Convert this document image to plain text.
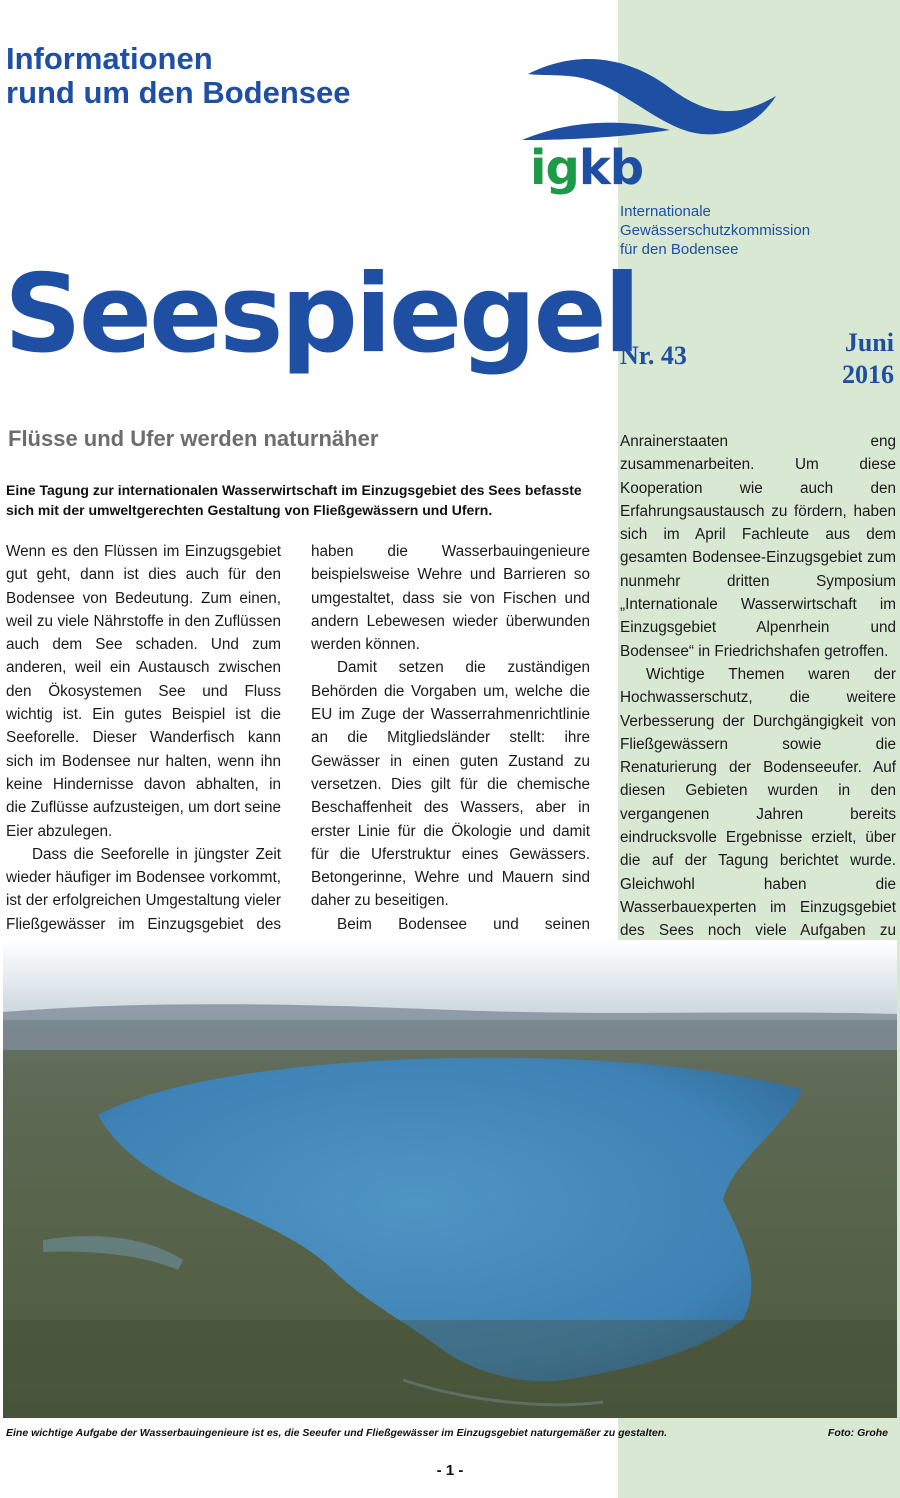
Informationen
rund um den Bodensee
igkb
Internationale
Gewässerschutzkommission
für den Bodensee
Seespiegel
Nr. 43	Juni
2016
Flüsse und Ufer werden naturnäher
Eine Tagung zur internationalen Wasserwirtschaft im Einzugsgebiet des Sees befasste sich mit der umweltgerechten Gestaltung von Fließgewässern und Ufern.

Wenn es den Flüssen im Einzugsgebiet gut geht, dann ist dies auch für den Bodensee von Bedeutung. Zum einen, weil zu viele Nährstoffe in den Zuflüssen auch dem See schaden. Und zum anderen, weil ein Austausch zwischen den Ökosystemen See und Fluss wichtig ist. Ein gutes Beispiel ist die Seeforelle. Dieser Wanderfisch kann sich im Bodensee nur halten, wenn ihn keine Hindernisse davon abhalten, in die Zuflüsse aufzusteigen, um dort seine Eier abzulegen.

Dass die Seeforelle in jüngster Zeit wieder häufiger im Bodensee vorkommt, ist der erfolgreichen Umgestaltung vieler Fließgewässer im Einzugsgebiet des

haben die Wasserbauingenieure beispielsweise Wehre und Barrieren so umgestaltet, dass sie von Fischen und andern Lebewesen wieder überwunden werden können.

Damit setzen die zuständigen Behörden die Vorgaben um, welche die EU im Zuge der Wasserrahmenrichtlinie an die Mitgliedsländer stellt: ihre Gewässer in einen guten Zustand zu versetzen. Dies gilt für die chemische Beschaffenheit des Wassers, aber in erster Linie für die Ökologie und damit für die Uferstruktur eines Gewässers. Betongerinne, Wehre und Mauern sind daher zu beseitigen.

Beim Bodensee und seinen

Anrainerstaaten eng zusammenarbeiten. Um diese Kooperation wie auch den Erfahrungsaustausch zu fördern, haben sich im April Fachleute aus dem gesamten Bodensee-Einzugsgebiet zum nunmehr dritten Symposium „Internationale Wasserwirtschaft im Einzugsgebiet Alpenrhein und Bodensee“ in Friedrichshafen getroffen.

Wichtige Themen waren der Hochwasserschutz, die weitere Verbesserung der Durchgängigkeit von Fließgewässern sowie die Renaturierung der Bodenseeufer. Auf diesen Gebieten wurden in den vergangenen Jahren bereits eindrucksvolle Ergebnisse erzielt, über die auf der Tagung berichtet wurde. Gleichwohl haben die Wasserbauexperten im Einzugsgebiet des Sees noch viele Aufgaben zu

Eine wichtige Aufgabe der Wasserbauingenieure ist es, die Seeufer und Fließgewässer im Einzugsgebiet naturgemäßer zu gestalten.	Foto: Grohe
- 1 -
